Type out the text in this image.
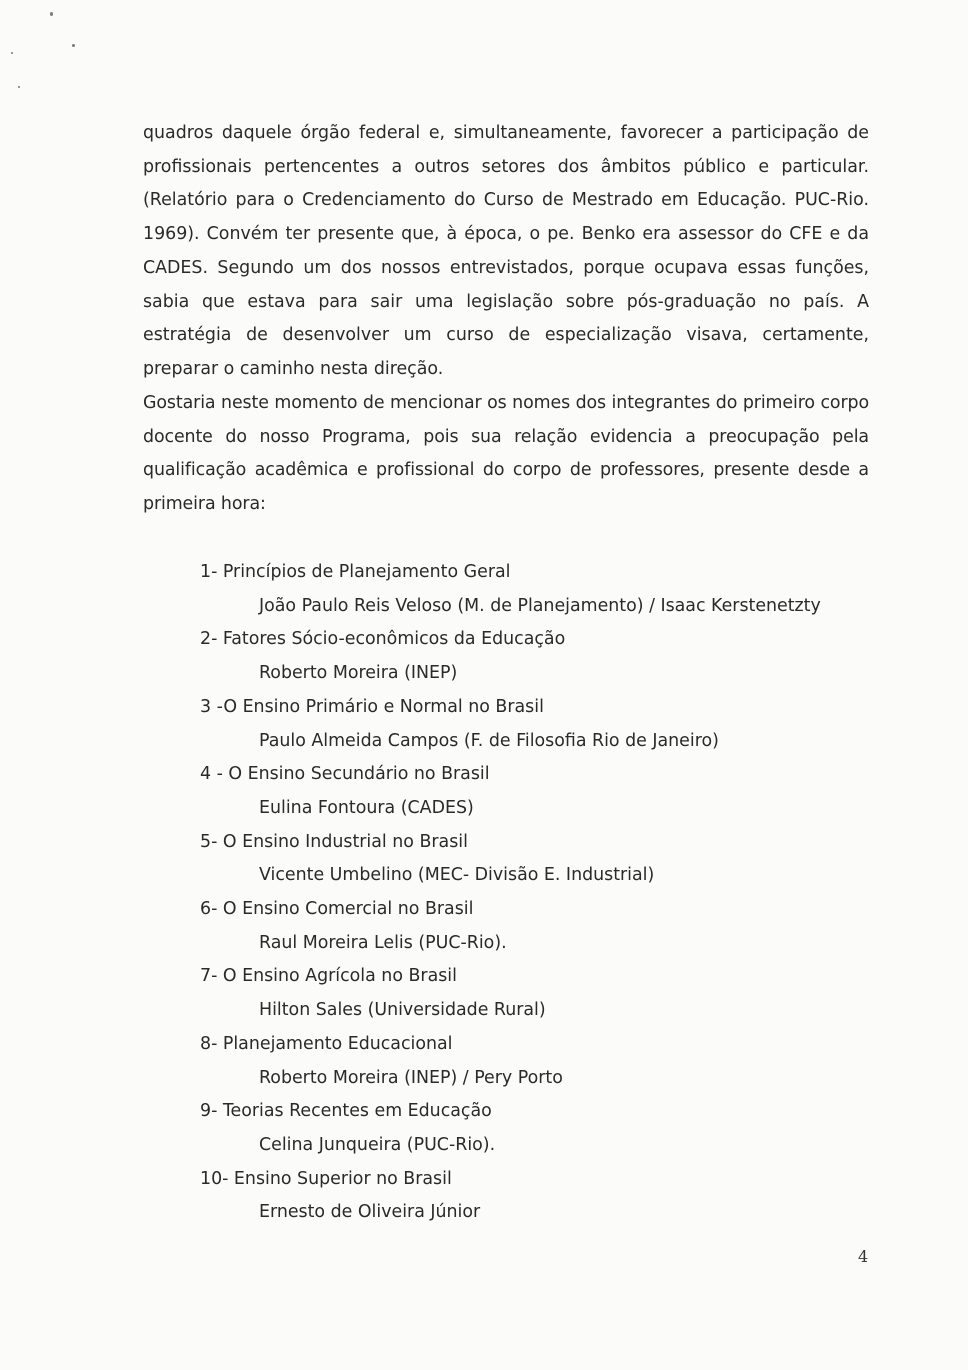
quadros daquele órgão federal e, simultaneamente, favorecer a participação de profissionais pertencentes a outros setores dos âmbitos público e particular. (Relatório para o Credenciamento do Curso de Mestrado em Educação. PUC-Rio. 1969). Convém ter presente que, à época, o pe. Benko era assessor do CFE e da CADES. Segundo um dos nossos entrevistados, porque ocupava essas funções, sabia que estava para sair uma legislação sobre pós-graduação no país. A estratégia de desenvolver um curso de especialização visava, certamente, preparar o caminho nesta direção.

Gostaria neste momento de mencionar os nomes dos integrantes do primeiro corpo docente do nosso Programa, pois sua relação evidencia a preocupação pela qualificação acadêmica e profissional do corpo de professores, presente desde a primeira hora:

1- Princípios de Planejamento Geral
João Paulo Reis Veloso (M. de Planejamento) / Isaac Kerstenetzty
2- Fatores Sócio-econômicos da Educação
Roberto Moreira (INEP)
3 -O Ensino Primário e Normal no Brasil
Paulo Almeida Campos (F. de Filosofia Rio de Janeiro)
4 - O Ensino Secundário no Brasil
Eulina Fontoura (CADES)
5- O Ensino Industrial no Brasil
Vicente Umbelino (MEC- Divisão E. Industrial)
6- O Ensino Comercial no Brasil
Raul Moreira Lelis (PUC-Rio).
7- O Ensino Agrícola no Brasil
Hilton Sales (Universidade Rural)
8- Planejamento Educacional
Roberto Moreira (INEP) / Pery Porto
9- Teorias Recentes em Educação
Celina Junqueira (PUC-Rio).
10- Ensino Superior no Brasil
Ernesto de Oliveira Júnior
4
